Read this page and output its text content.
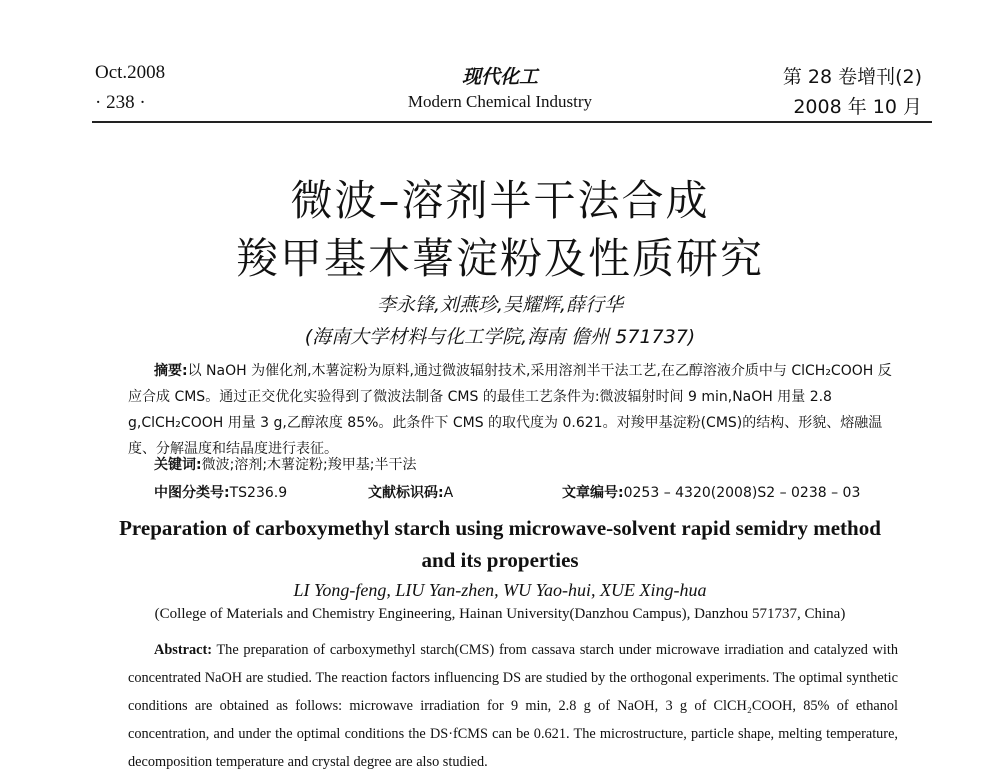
Oct.2008
· 238 ·
现代化工
Modern Chemical Industry
第 28 卷增刊(2)
2008 年 10 月
微波–溶剂半干法合成
羧甲基木薯淀粉及性质研究
李永锋,刘燕珍,吴耀辉,薛行华
(海南大学材料与化工学院,海南 儋州 571737)
摘要:以 NaOH 为催化剂,木薯淀粉为原料,通过微波辐射技术,采用溶剂半干法工艺,在乙醇溶液介质中与 ClCH₂COOH 反应合成 CMS。通过正交优化实验得到了微波法制备 CMS 的最佳工艺条件为:微波辐射时间 9 min,NaOH 用量 2.8 g,ClCH₂COOH 用量 3 g,乙醇浓度 85%。此条件下 CMS 的取代度为 0.621。对羧甲基淀粉(CMS)的结构、形貌、熔融温度、分解温度和结晶度进行表征。
关键词:微波;溶剂;木薯淀粉;羧甲基;半干法
中图分类号:TS236.9	文献标识码:A	文章编号:0253 – 4320(2008)S2 – 0238 – 03
Preparation of carboxymethyl starch using microwave-solvent rapid semidry method
and its properties
LI Yong-feng, LIU Yan-zhen, WU Yao-hui, XUE Xing-hua
(College of Materials and Chemistry Engineering, Hainan University(Danzhou Campus), Danzhou 571737, China)
Abstract: The preparation of carboxymethyl starch(CMS) from cassava starch under microwave irradiation and catalyzed with concentrated NaOH are studied. The reaction factors influencing DS are studied by the orthogonal experiments. The optimal synthetic conditions are obtained as follows: microwave irradiation for 9 min, 2.8 g of NaOH, 3 g of ClCH₂COOH, 85% of ethanol concentration, and under the optimal conditions the DS·fCMS can be 0.621. The microstructure, particle shape, melting temperature, decomposition temperature and crystal degree are also studied.
